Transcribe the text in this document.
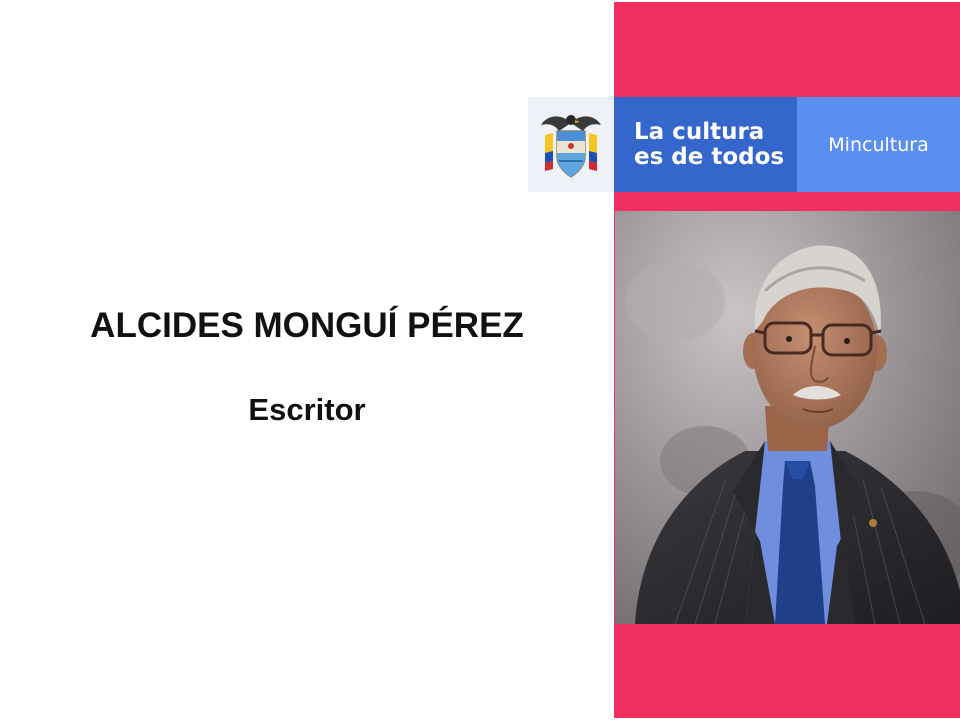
La cultura
es de todos	Mincultura
ALCIDES MONGUÍ PÉREZ
Escritor
